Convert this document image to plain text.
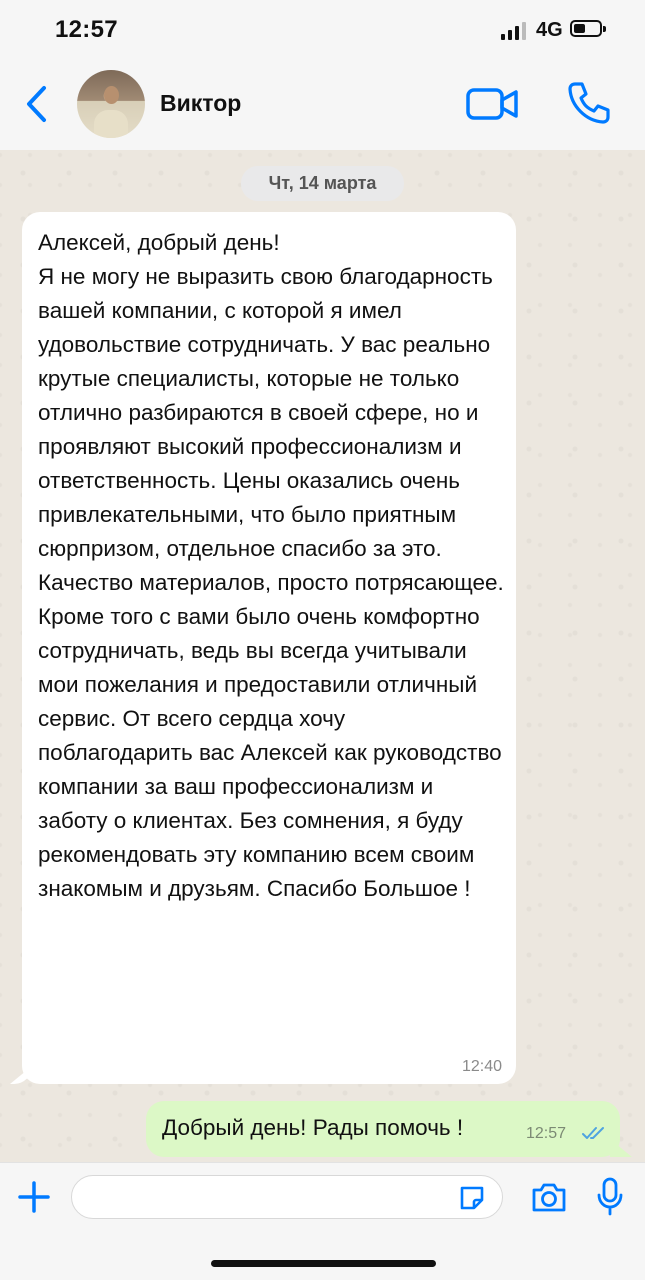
12:57	4G
Виктор
Чт, 14 марта
Алексей, добрый день!
Я не могу не выразить свою благодарность вашей компании, с которой я имел удовольствие сотрудничать. У вас реально крутые специалисты, которые не только отлично разбираются в своей сфере, но и проявляют высокий профессионализм и ответственность. Цены оказались очень привлекательными, что было приятным сюрпризом, отдельное спасибо за это. Качество материалов, просто потрясающее. Кроме того с вами было очень комфортно сотрудничать, ведь вы всегда учитывали мои пожелания и предоставили отличный сервис. От всего сердца хочу поблагодарить вас Алексей как руководство компании за ваш профессионализм и заботу о клиентах. Без сомнения, я буду рекомендовать эту компанию всем своим знакомым и друзьям. Спасибо Большое !
12:40
Добрый день! Рады помочь !	12:57
